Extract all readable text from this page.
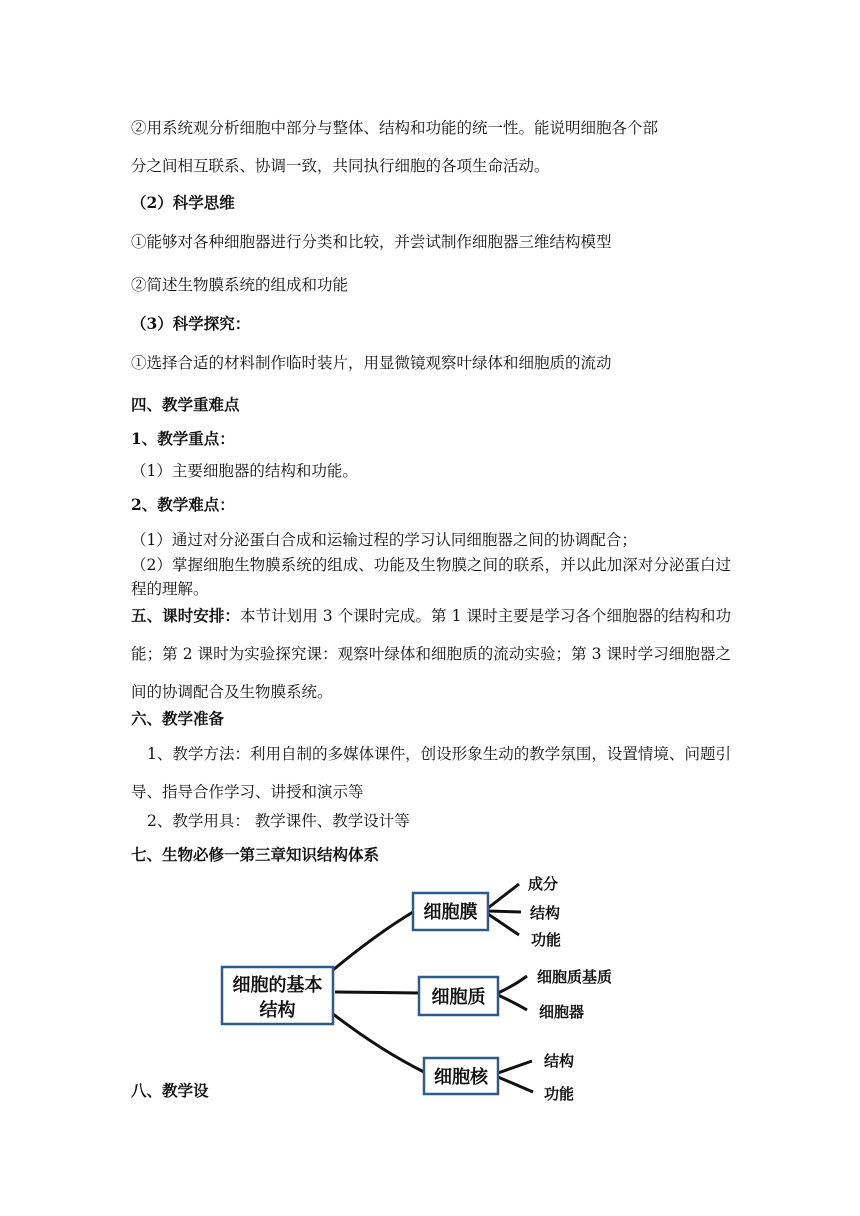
②用系统观分析细胞中部分与整体、结构和功能的统一性。能说明细胞各个部
分之间相互联系、协调一致，共同执行细胞的各项生命活动。
（2）科学思维
①能够对各种细胞器进行分类和比较，并尝试制作细胞器三维结构模型
②简述生物膜系统的组成和功能
（3）科学探究：
①选择合适的材料制作临时装片，用显微镜观察叶绿体和细胞质的流动
四、教学重难点
1、教学重点：
（1）主要细胞器的结构和功能。
2、教学难点：
（1）通过对分泌蛋白合成和运输过程的学习认同细胞器之间的协调配合；
（2）掌握细胞生物膜系统的组成、功能及生物膜之间的联系，并以此加深对分泌蛋白过程的理解。
五、课时安排：本节计划用 3 个课时完成。第 1 课时主要是学习各个细胞器的结构和功能；第 2 课时为实验探究课：观察叶绿体和细胞质的流动实验；第 3 课时学习细胞器之间的协调配合及生物膜系统。
六、教学准备
1、教学方法：利用自制的多媒体课件，创设形象生动的教学氛围，设置情境、问题引导、指导合作学习、讲授和演示等
2、教学用具： 教学课件、教学设计等
七、生物必修一第三章知识结构体系
八、教学设
细胞的基本
结构
细胞膜
成分
结构
功能
细胞质
细胞质基质
细胞器
细胞核
结构
功能
